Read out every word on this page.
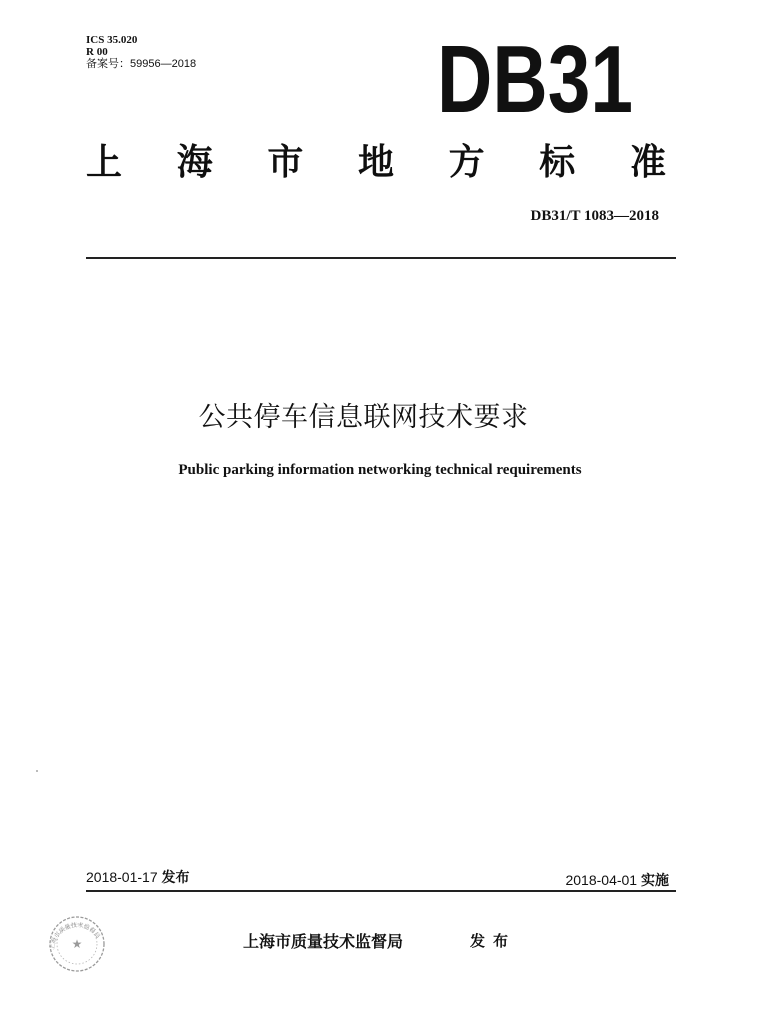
ICS 35.020
R 00
备案号：59956—2018	DB31
上 海 市 地 方 标 准
DB31/T 1083—2018
公共停车信息联网技术要求
Public parking information networking technical requirements
2018-01-17 发布	2018-04-01 实施
上海市质量技术监督局
★	上海市质量技术监督局	发布
